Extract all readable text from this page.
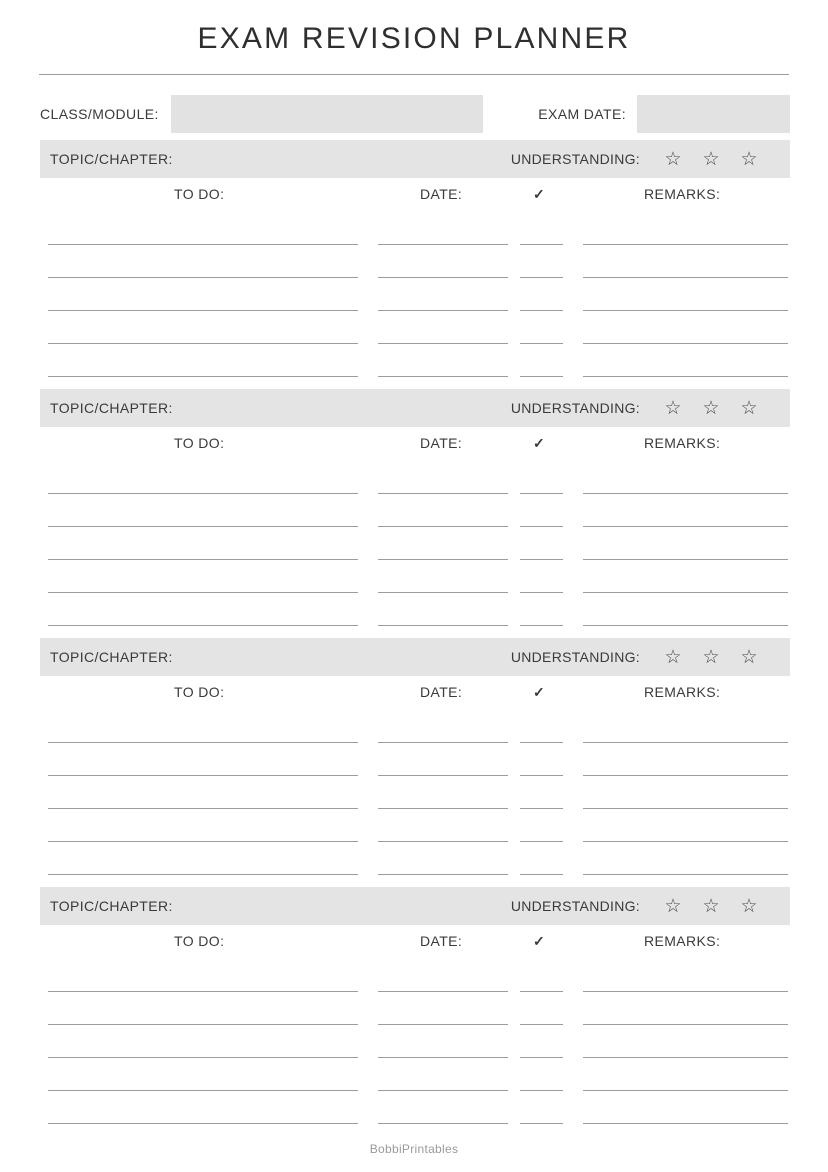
EXAM REVISION PLANNER
CLASS/MODULE:	EXAM DATE:
TOPIC/CHAPTER:	UNDERSTANDING: ☆ ☆ ☆
TO DO:	DATE:	✓	REMARKS:
TOPIC/CHAPTER:	UNDERSTANDING: ☆ ☆ ☆
TO DO:	DATE:	✓	REMARKS:
TOPIC/CHAPTER:	UNDERSTANDING: ☆ ☆ ☆
TO DO:	DATE:	✓	REMARKS:
TOPIC/CHAPTER:	UNDERSTANDING: ☆ ☆ ☆
TO DO:	DATE:	✓	REMARKS:
BobbiPrintables
